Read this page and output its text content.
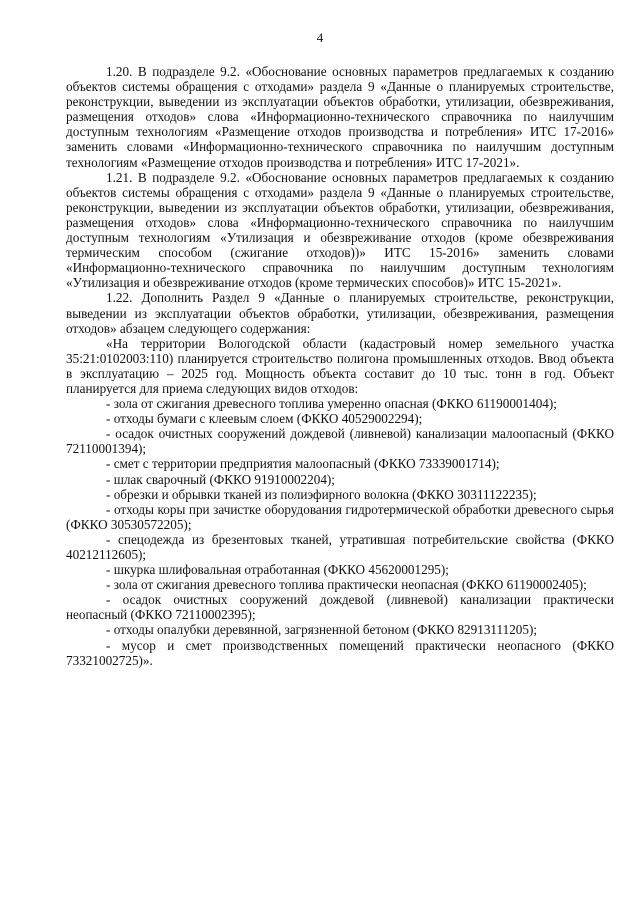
4

1.20. В подразделе 9.2. «Обоснование основных параметров предлагаемых к созданию объектов системы обращения с отходами» раздела 9 «Данные о планируемых строительстве, реконструкции, выведении из эксплуатации объектов обработки, утилизации, обезвреживания, размещения отходов» слова «Информационно-технического справочника по наилучшим доступным технологиям «Размещение отходов производства и потребления» ИТС 17-2016» заменить словами «Информационно-технического справочника по наилучшим доступным технологиям «Размещение отходов производства и потребления» ИТС 17-2021».

1.21. В подразделе 9.2. «Обоснование основных параметров предлагаемых к созданию объектов системы обращения с отходами» раздела 9 «Данные о планируемых строительстве, реконструкции, выведении из эксплуатации объектов обработки, утилизации, обезвреживания, размещения отходов» слова «Информационно-технического справочника по наилучшим доступным технологиям «Утилизация и обезвреживание отходов (кроме обезвреживания термическим способом (сжигание отходов))» ИТС 15-2016» заменить словами «Информационно-технического справочника по наилучшим доступным технологиям «Утилизация и обезвреживание отходов (кроме термических способов)» ИТС 15-2021».

1.22. Дополнить Раздел 9 «Данные о планируемых строительстве, реконструкции, выведении из эксплуатации объектов обработки, утилизации, обезвреживания, размещения отходов» абзацем следующего содержания:

«На территории Вологодской области (кадастровый номер земельного участка 35:21:0102003:110) планируется строительство полигона промышленных отходов. Ввод объекта в эксплуатацию – 2025 год. Мощность объекта составит до 10 тыс. тонн в год. Объект планируется для приема следующих видов отходов:

- зола от сжигания древесного топлива умеренно опасная (ФККО 61190001404);

- отходы бумаги с клеевым слоем (ФККО 40529002294);

- осадок очистных сооружений дождевой (ливневой) канализации малоопасный (ФККО 72110001394);

- смет с территории предприятия малоопасный (ФККО 73339001714);

- шлак сварочный (ФККО 91910002204);

- обрезки и обрывки тканей из полиэфирного волокна (ФККО 30311122235);

- отходы коры при зачистке оборудования гидротермической обработки древесного сырья (ФККО 30530572205);

- спецодежда из брезентовых тканей, утратившая потребительские свойства (ФККО 40212112605);

- шкурка шлифовальная отработанная (ФККО 45620001295);

- зола от сжигания древесного топлива практически неопасная (ФККО 61190002405);

- осадок очистных сооружений дождевой (ливневой) канализации практически неопасный (ФККО 72110002395);

- отходы опалубки деревянной, загрязненной бетоном (ФККО 82913111205);

- мусор и смет производственных помещений практически неопасного (ФККО 73321002725)».
